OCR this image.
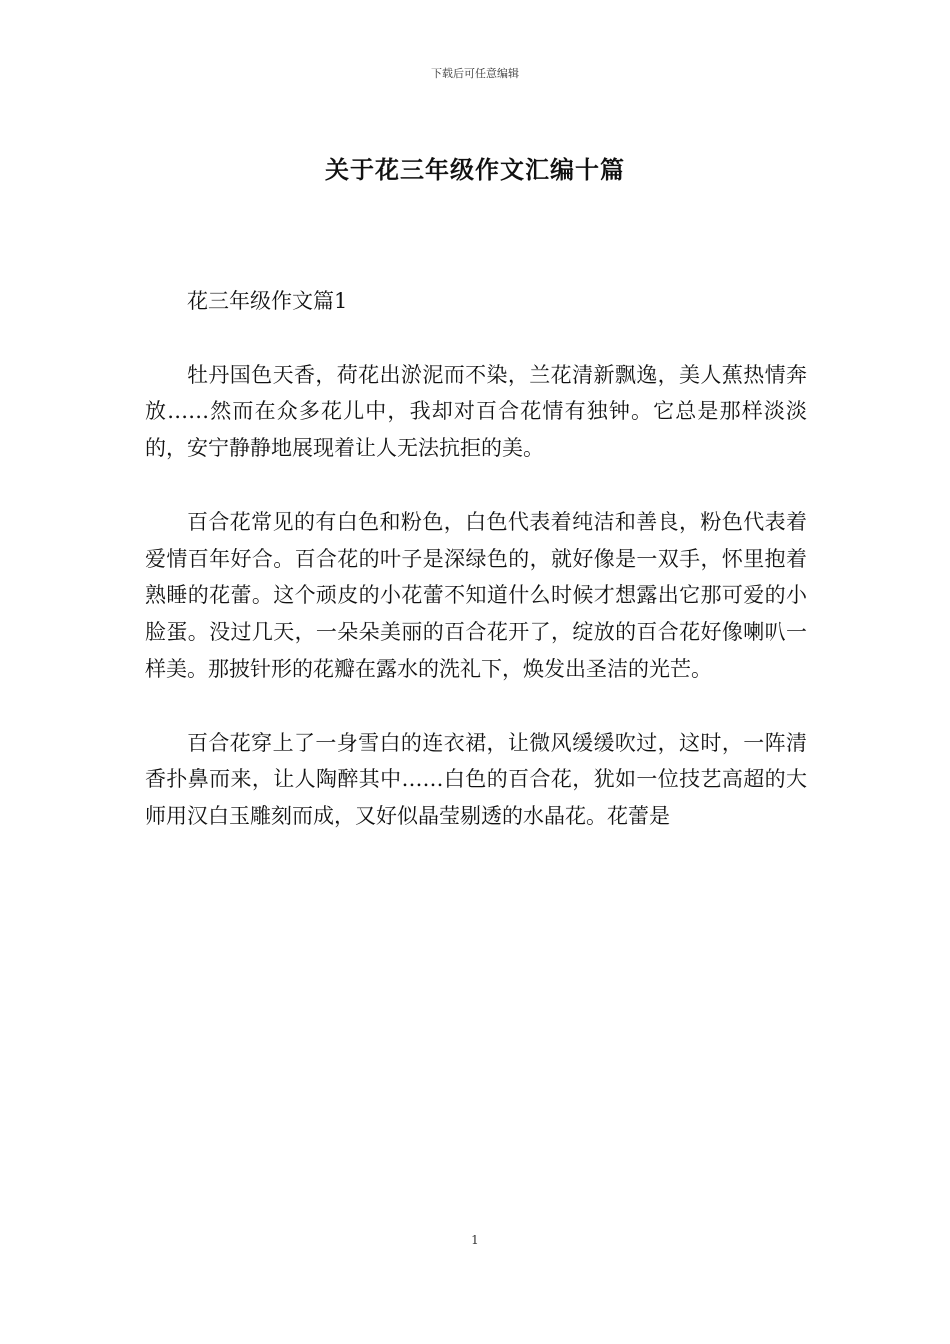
下载后可任意编辑
关于花三年级作文汇编十篇

花三年级作文篇1

牡丹国色天香，荷花出淤泥而不染，兰花清新飘逸，美人蕉热情奔放……然而在众多花儿中，我却对百合花情有独钟。它总是那样淡淡的，安宁静静地展现着让人无法抗拒的美。

百合花常见的有白色和粉色，白色代表着纯洁和善良，粉色代表着爱情百年好合。百合花的叶子是深绿色的，就好像是一双手，怀里抱着熟睡的花蕾。这个顽皮的小花蕾不知道什么时候才想露出它那可爱的小脸蛋。没过几天，一朵朵美丽的百合花开了，绽放的百合花好像喇叭一样美。那披针形的花瓣在露水的洗礼下，焕发出圣洁的光芒。

百合花穿上了一身雪白的连衣裙，让微风缓缓吹过，这时，一阵清香扑鼻而来，让人陶醉其中……白色的百合花，犹如一位技艺高超的大师用汉白玉雕刻而成，又好似晶莹剔透的水晶花。花蕾是

1
